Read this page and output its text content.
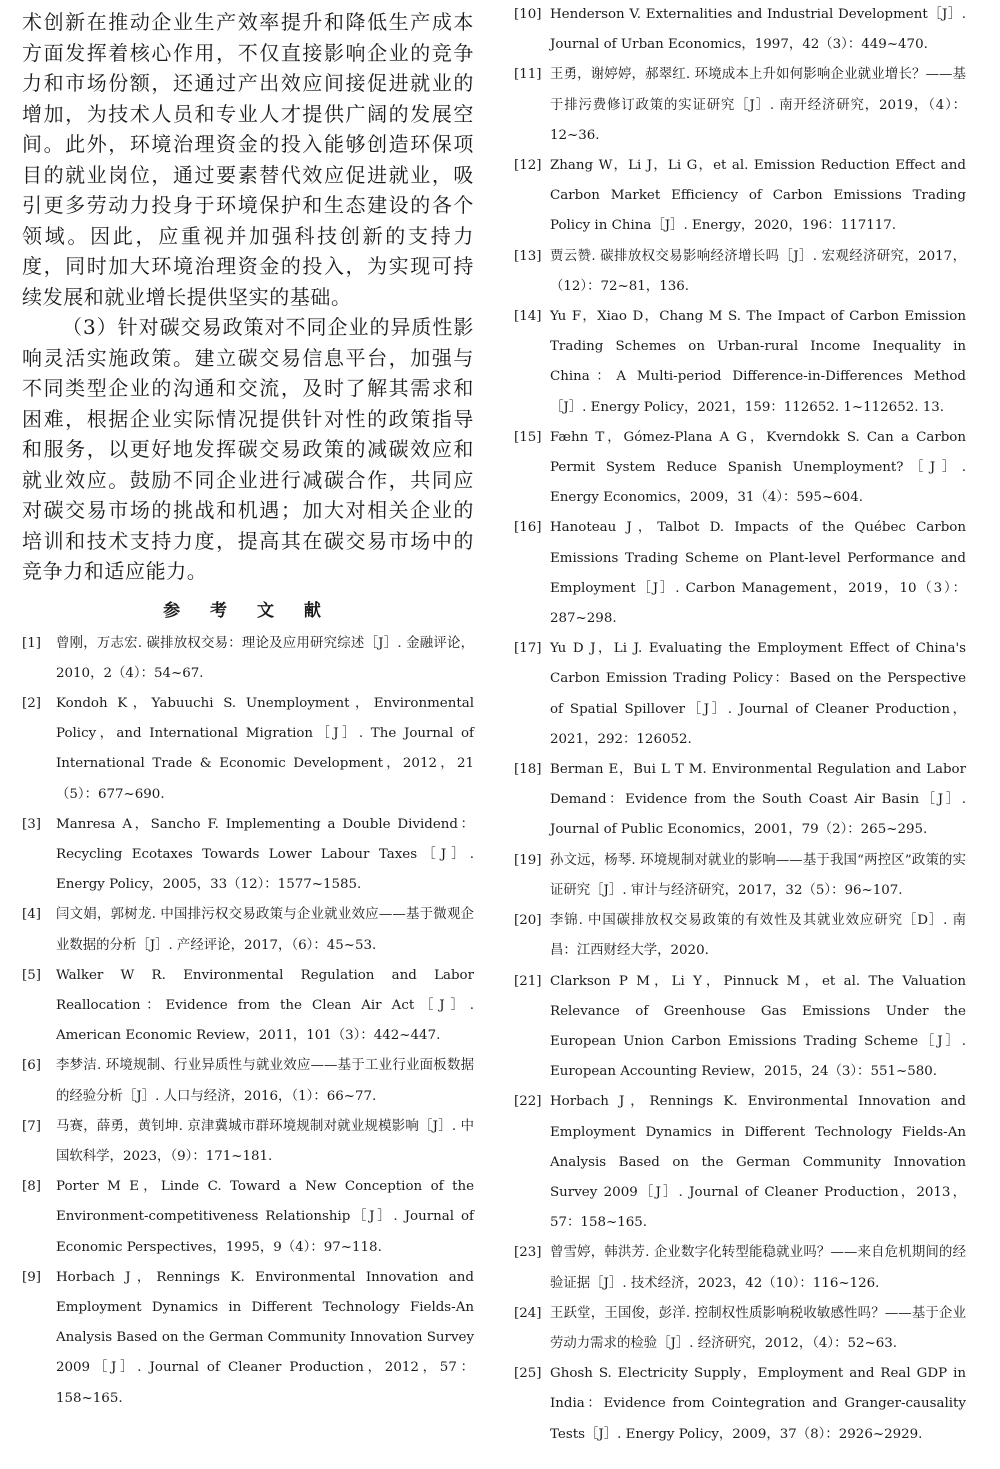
术创新在推动企业生产效率提升和降低生产成本方面发挥着核心作用，不仅直接影响企业的竞争力和市场份额，还通过产出效应间接促进就业的增加，为技术人员和专业人才提供广阔的发展空间。此外，环境治理资金的投入能够创造环保项目的就业岗位，通过要素替代效应促进就业，吸引更多劳动力投身于环境保护和生态建设的各个领域。因此，应重视并加强科技创新的支持力度，同时加大环境治理资金的投入，为实现可持续发展和就业增长提供坚实的基础。

（3）针对碳交易政策对不同企业的异质性影响灵活实施政策。建立碳交易信息平台，加强与不同类型企业的沟通和交流，及时了解其需求和困难，根据企业实际情况提供针对性的政策指导和服务，以更好地发挥碳交易政策的减碳效应和就业效应。鼓励不同企业进行减碳合作，共同应对碳交易市场的挑战和机遇；加大对相关企业的培训和技术支持力度，提高其在碳交易市场中的竞争力和适应能力。

参 考 文 献
[1]	曾刚，万志宏. 碳排放权交易：理论及应用研究综述［J］. 金融评论，2010，2（4）：54~67.
[2]	Kondoh K，Yabuuchi S. Unemployment，Environmental Policy，and International Migration［J］. The Journal of International Trade & Economic Development，2012，21（5）：677~690.
[3]	Manresa A，Sancho F. Implementing a Double Dividend：Recycling Ecotaxes Towards Lower Labour Taxes［J］. Energy Policy，2005，33（12）：1577~1585.
[4]	闫文娟，郭树龙. 中国排污权交易政策与企业就业效应——基于微观企业数据的分析［J］. 产经评论，2017，（6）：45~53.
[5]	Walker W R. Environmental Regulation and Labor Reallocation：Evidence from the Clean Air Act［J］. American Economic Review，2011，101（3）：442~447.
[6]	李梦洁. 环境规制、行业异质性与就业效应——基于工业行业面板数据的经验分析［J］. 人口与经济，2016，（1）：66~77.
[7]	马赛，薛勇，黄钊坤. 京津冀城市群环境规制对就业规模影响［J］. 中国软科学，2023，（9）：171~181.
[8]	Porter M E，Linde C. Toward a New Conception of the Environment-competitiveness Relationship［J］. Journal of Economic Perspectives，1995，9（4）：97~118.
[9]	Horbach J，Rennings K. Environmental Innovation and Employment Dynamics in Different Technology Fields-An Analysis Based on the German Community Innovation Survey 2009［J］. Journal of Cleaner Production，2012，57：158~165.
[10] Henderson V. Externalities and Industrial Development［J］. Journal of Urban Economics，1997，42（3）：449~470.
[11] 王勇，谢婷婷，郝翠红. 环境成本上升如何影响企业就业增长？——基于排污费修订政策的实证研究［J］. 南开经济研究，2019，（4）：12~36.
[12] Zhang W，Li J，Li G，et al. Emission Reduction Effect and Carbon Market Efficiency of Carbon Emissions Trading Policy in China［J］. Energy，2020，196：117117.
[13] 贾云赞. 碳排放权交易影响经济增长吗［J］. 宏观经济研究，2017，（12）：72~81，136.
[14] Yu F，Xiao D，Chang M S. The Impact of Carbon Emission Trading Schemes on Urban-rural Income Inequality in China：A Multi-period Difference-in-Differences Method［J］. Energy Policy，2021，159：112652. 1~112652. 13.
[15] Fæhn T，Gómez-Plana A G，Kverndokk S. Can a Carbon Permit System Reduce Spanish Unemployment?［J］. Energy Economics，2009，31（4）：595~604.
[16] Hanoteau J，Talbot D. Impacts of the Québec Carbon Emissions Trading Scheme on Plant-level Performance and Employment［J］. Carbon Management，2019，10（3）：287~298.
[17] Yu D J，Li J. Evaluating the Employment Effect of China's Carbon Emission Trading Policy：Based on the Perspective of Spatial Spillover［J］. Journal of Cleaner Production，2021，292：126052.
[18] Berman E，Bui L T M. Environmental Regulation and Labor Demand：Evidence from the South Coast Air Basin［J］. Journal of Public Economics，2001，79（2）：265~295.
[19] 孙文远，杨琴. 环境规制对就业的影响——基于我国“两控区”政策的实证研究［J］. 审计与经济研究，2017，32（5）：96~107.
[20] 李锦. 中国碳排放权交易政策的有效性及其就业效应研究［D］. 南昌：江西财经大学，2020.
[21] Clarkson P M，Li Y，Pinnuck M，et al. The Valuation Relevance of Greenhouse Gas Emissions Under the European Union Carbon Emissions Trading Scheme［J］. European Accounting Review，2015，24（3）：551~580.
[22] Horbach J，Rennings K. Environmental Innovation and Employment Dynamics in Different Technology Fields-An Analysis Based on the German Community Innovation Survey 2009［J］. Journal of Cleaner Production，2013，57：158~165.
[23] 曾雪婷，韩洪芳. 企业数字化转型能稳就业吗？——来自危机期间的经验证据［J］. 技术经济，2023，42（10）：116~126.
[24] 王跃堂，王国俊，彭洋. 控制权性质影响税收敏感性吗？——基于企业劳动力需求的检验［J］. 经济研究，2012，（4）：52~63.
[25] Ghosh S. Electricity Supply，Employment and Real GDP in India：Evidence from Cointegration and Granger-causality Tests［J］. Energy Policy，2009，37（8）：2926~2929.
